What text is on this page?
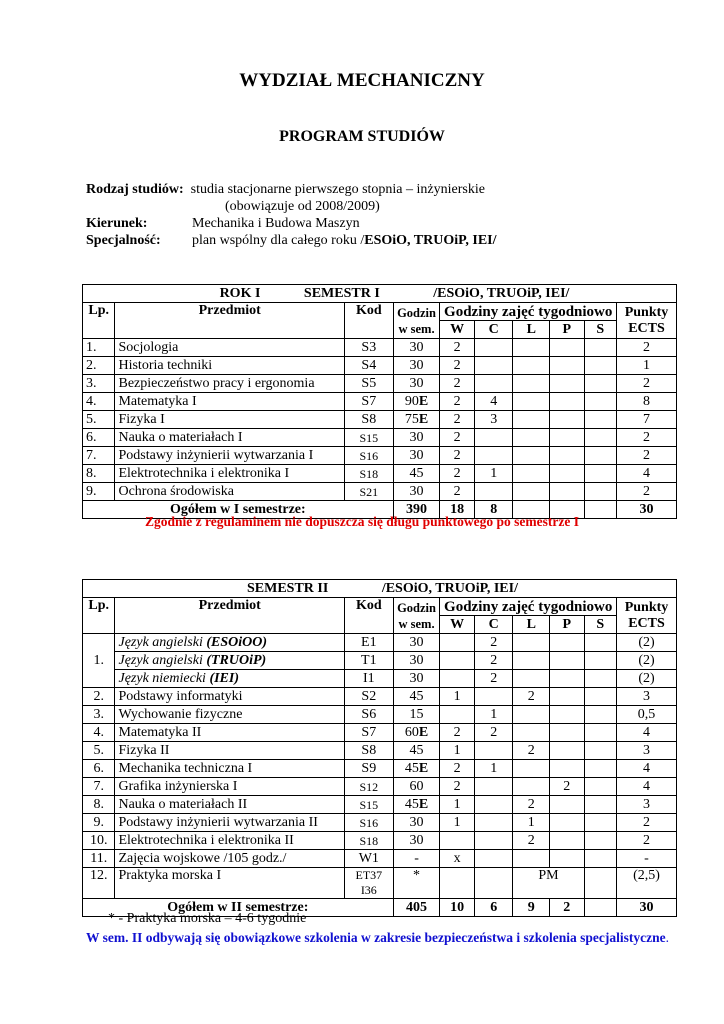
WYDZIAŁ MECHANICZNY
PROGRAM STUDIÓW
Rodzaj studiów: studia stacjonarne pierwszego stopnia – inżynierskie
(obowiązuje od 2008/2009)
Kierunek:	Mechanika i Budowa Maszyn
Specjalność: plan wspólny dla całego roku /ESOiO, TRUOiP, IEI/
ROK I SEMESTR I /ESOiO, TRUOiP, IEI/									
Lp.	Przedmiot	Kod	Godzin
w sem.	Godziny zajęć tygodniowo					Punkty
ECTS
				W	C	L	P	S	
1.	Socjologia	S3	30	2					2
2.	Historia techniki	S4	30	2					1
3.	Bezpieczeństwo pracy i ergonomia	S5	30	2					2
4.	Matematyka I	S7	90E	2	4				8
5.	Fizyka I	S8	75E	2	3				7
6.	Nauka o materiałach I	S15	30	2					2
7.	Podstawy inżynierii wytwarzania I	S16	30	2					2
8.	Elektrotechnika i elektronika I	S18	45	2	1				4
9.	Ochrona środowiska	S21	30	2					2
Ogółem w I semestrze:			390	18	8				30
Zgodnie z regulaminem nie dopuszcza się długu punktowego po semestrze I
SEMESTR II /ESOiO, TRUOiP, IEI/									
Lp.	Przedmiot	Kod	Godzin
w sem.	Godziny zajęć tygodniowo					Punkty
ECTS
				W	C	L	P	S	
1.	Język angielski (ESOiOO)	E1	30		2				(2)
	Język angielski (TRUOiP)	T1	30		2				(2)
	Język niemiecki (IEI)	I1	30		2				(2)
2.	Podstawy informatyki	S2	45	1		2			3
3.	Wychowanie fizyczne	S6	15		1				0,5
4.	Matematyka II	S7	60E	2	2				4
5.	Fizyka II	S8	45	1		2			3
6.	Mechanika techniczna I	S9	45E	2	1				4
7.	Grafika inżynierska I	S12	60	2			2		4
8.	Nauka o materiałach II	S15	45E	1		2			3
9.	Podstawy inżynierii wytwarzania II	S16	30	1		1			2
10.	Elektrotechnika i elektronika II	S18	30			2			2
11.	Zajęcia wojskowe /105 godz./	W1	-	x					-
12.	Praktyka morska I	ET37
I36	*			PM			(2,5)
Ogółem w II semestrze:			405	10	6	9	2		30
* - Praktyka morska – 4-6 tygodnie
W sem. II odbywają się obowiązkowe szkolenia w zakresie bezpieczeństwa i szkolenia specjalistyczne.
